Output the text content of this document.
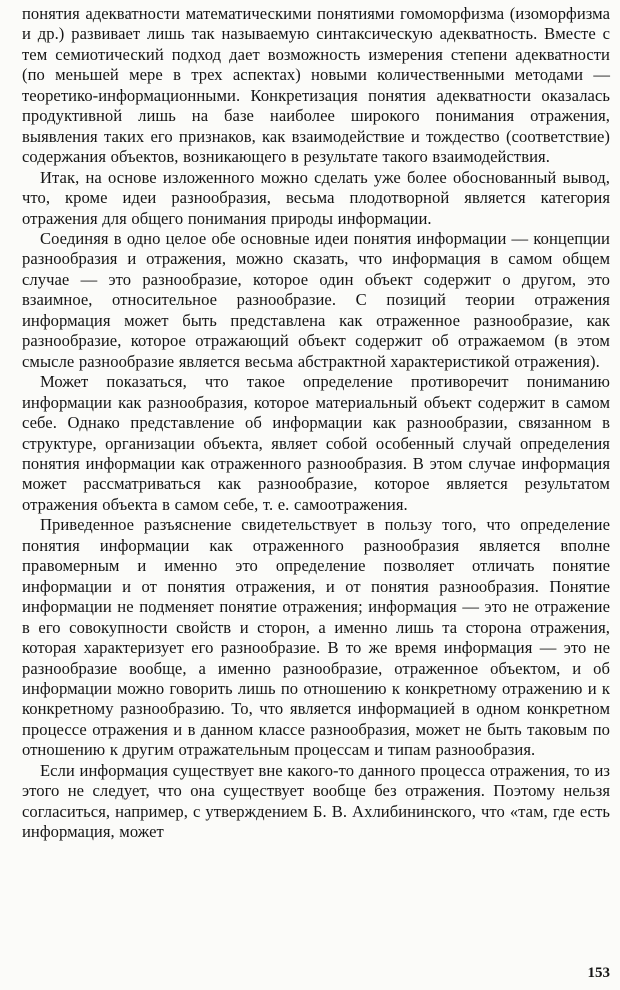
понятия адекватности математическими понятиями гомоморфизма (изоморфизма и др.) развивает лишь так называемую синтаксическую адекватность. Вместе с тем семиотический подход дает возможность измерения степени адекватности (по меньшей мере в трех аспектах) новыми количественными методами — теоретико-информационными. Конкретизация понятия адекватности оказалась продуктивной лишь на базе наиболее широкого понимания отражения, выявления таких его признаков, как взаимодействие и тождество (соответствие) содержания объектов, возникающего в результате такого взаимодействия.

Итак, на основе изложенного можно сделать уже более обоснованный вывод, что, кроме идеи разнообразия, весьма плодотворной является категория отражения для общего понимания природы информации.

Соединяя в одно целое обе основные идеи понятия информации — концепции разнообразия и отражения, можно сказать, что информация в самом общем случае — это разнообразие, которое один объект содержит о другом, это взаимное, относительное разнообразие. С позиций теории отражения информация может быть представлена как отраженное разнообразие, как разнообразие, которое отражающий объект содержит об отражаемом (в этом смысле разнообразие является весьма абстрактной характеристикой отражения).

Может показаться, что такое определение противоречит пониманию информации как разнообразия, которое материальный объект содержит в самом себе. Однако представление об информации как разнообразии, связанном в структуре, организации объекта, являет собой особенный случай определения понятия информации как отраженного разнообразия. В этом случае информация может рассматриваться как разнообразие, которое является результатом отражения объекта в самом себе, т. е. самоотражения.

Приведенное разъяснение свидетельствует в пользу того, что определение понятия информации как отраженного разнообразия является вполне правомерным и именно это определение позволяет отличать понятие информации и от понятия отражения, и от понятия разнообразия. Понятие информации не подменяет понятие отражения; информация — это не отражение в его совокупности свойств и сторон, а именно лишь та сторона отражения, которая характеризует его разнообразие. В то же время информация — это не разнообразие вообще, а именно разнообразие, отраженное объектом, и об информации можно говорить лишь по отношению к конкретному отражению и к конкретному разнообразию. То, что является информацией в одном конкретном процессе отражения и в данном классе разнообразия, может не быть таковым по отношению к другим отражательным процессам и типам разнообразия.

Если информация существует вне какого-то данного процесса отражения, то из этого не следует, что она существует вообще без отражения. Поэтому нельзя согласиться, например, с утверждением Б. В. Ахлибининского, что «там, где есть информация, может

153
